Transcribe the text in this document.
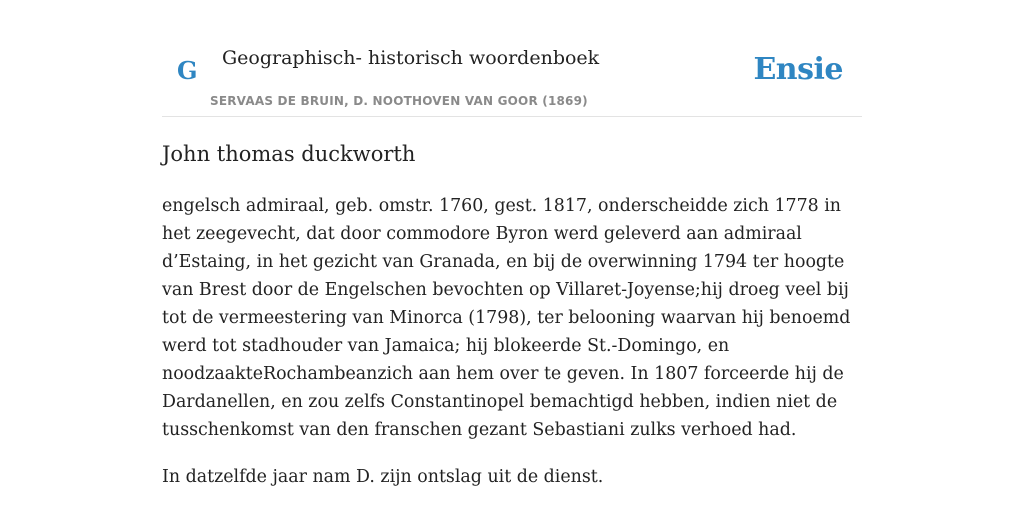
G Geographisch- historisch woordenboek
SERVAAS DE BRUIN, D. NOOTHOVEN VAN GOOR (1869)
Ensie
John thomas duckworth

engelsch admiraal, geb. omstr. 1760, gest. 1817, onderscheidde zich 1778 in het zeegevecht, dat door commodore Byron werd geleverd aan admiraal d’Estaing, in het gezicht van Granada, en bij de overwinning 1794 ter hoogte van Brest door de Engelschen bevochten op Villaret-Joyense;hij droeg veel bij tot de vermeestering van Minorca (1798), ter belooning waarvan hij benoemd werd tot stadhouder van Jamaica; hij blokeerde St.-Domingo, en noodzaakteRochambeanzich aan hem over te geven. In 1807 forceerde hij de Dardanellen, en zou zelfs Constantinopel bemachtigd hebben, indien niet de tusschenkomst van den franschen gezant Sebastiani zulks verhoed had.

In datzelfde jaar nam D. zijn ontslag uit de dienst.
